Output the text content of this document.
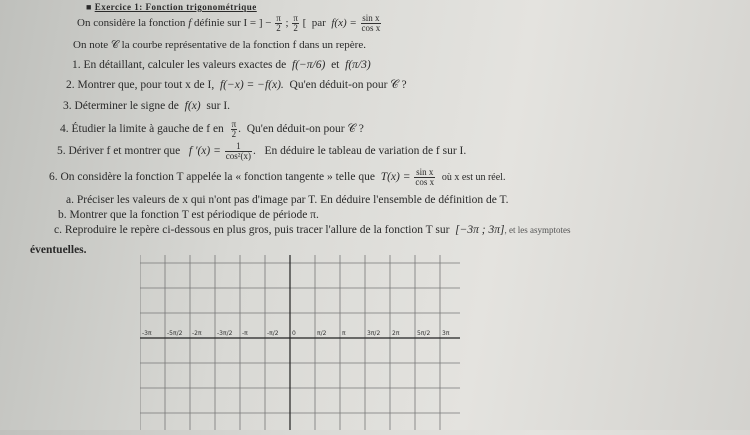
■ Exercice 1: Fonction trigonométrique
On considère la fonction f définie sur I = ] − $\frac{\pi}{2}$ ; $\frac{\pi}{2}$ [ par $f(x) = \frac{\text{sin x}}{\text{cos x}}$
On note 𝒞 la courbe représentative de la fonction f dans un repère.
1. En détaillant, calculer les valeurs exactes de f(−π/6) et f(π/3)
2. Montrer que, pour tout x de I, f(−x) = −f(x). Qu'en déduit-on pour 𝒞 ?
3. Déterminer le signe de f(x) sur I.
4. Étudier la limite à gauche de f en $\frac{\pi}{2}$ .  Qu'en déduit-on pour 𝒞 ?
5. Dériver f et montrer que f $'(x) = \frac{1}{\text{cos²(x)}}$ .   En déduire le tableau de variation de f sur I.
6. On considère la fonction T appelée la « fonction tangente » telle que $T(x) = \frac{\text{sin x}}{\text{cos x}}$ où x est un réel.
a. Préciser les valeurs de x qui n'ont pas d'image par T. En déduire l'ensemble de définition de T.
b. Montrer que la fonction T est périodique de période π.
c. Reproduire le repère ci-dessous en plus gros, puis tracer l'allure de la fonction T sur [−3π ; 3π], et les asymptotes
éventuelles.
-3π	-5π/2 -2π	-3π/2 -π	-π/2 0	π/2	π	3π/2 2π	5π/2 3π
